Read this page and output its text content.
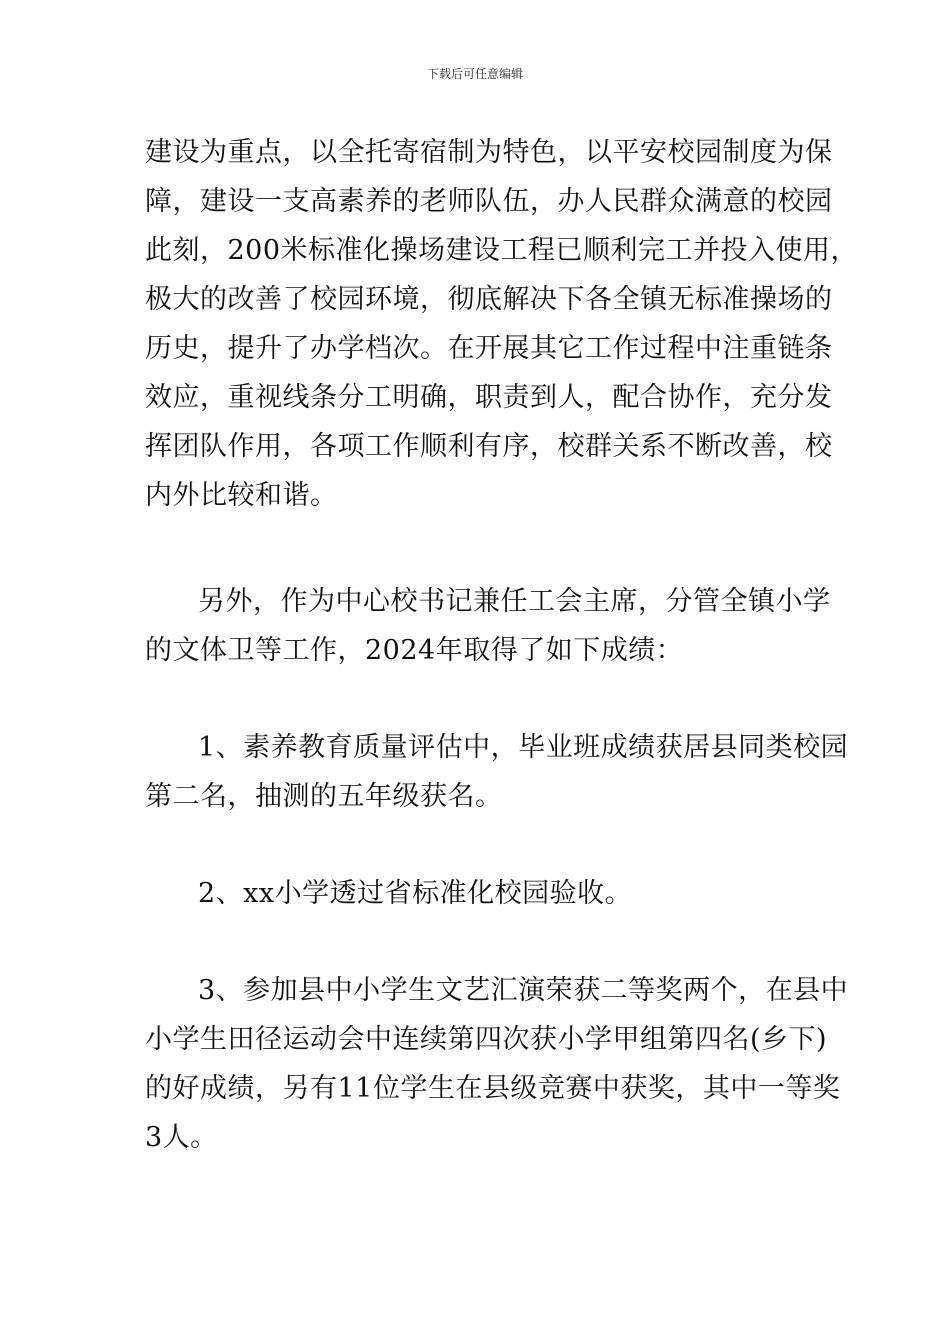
下载后可任意编辑
建设为重点，以全托寄宿制为特色，以平安校园制度为保
障，建设一支高素养的老师队伍，办人民群众满意的校园
此刻，200米标准化操场建设工程已顺利完工并投入使用，
极大的改善了校园环境，彻底解决下各全镇无标准操场的
历史，提升了办学档次。在开展其它工作过程中注重链条
效应，重视线条分工明确，职责到人，配合协作，充分发
挥团队作用，各项工作顺利有序，校群关系不断改善，校
内外比较和谐。
另外，作为中心校书记兼任工会主席，分管全镇小学
的文体卫等工作，2024年取得了如下成绩：
1、素养教育质量评估中，毕业班成绩获居县同类校园
第二名，抽测的五年级获名。
2、xx小学透过省标准化校园验收。
3、参加县中小学生文艺汇演荣获二等奖两个，在县中
小学生田径运动会中连续第四次获小学甲组第四名(乡下)
的好成绩，另有11位学生在县级竞赛中获奖，其中一等奖
3人。
